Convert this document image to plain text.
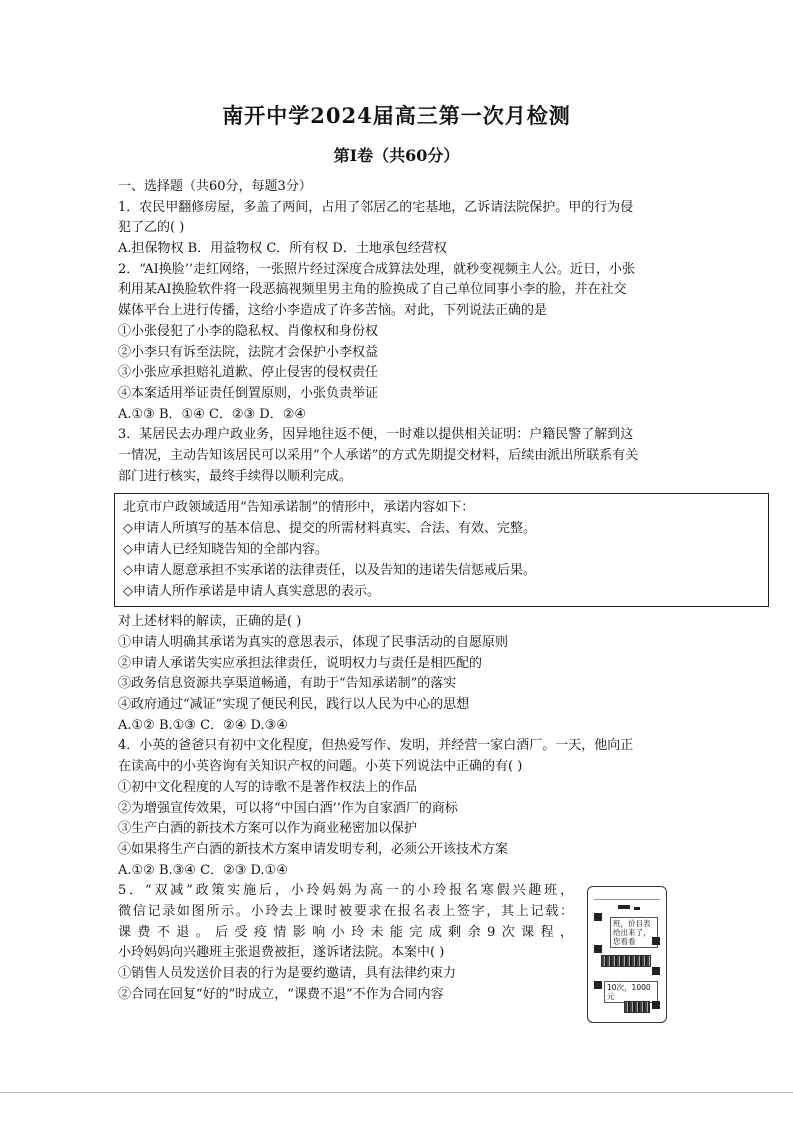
南开中学2024届高三第一次月检测
第I卷（共60分）
一、选择题（共60分，每题3分）
1．农民甲翻修房屋，多盖了两间，占用了邻居乙的宅基地，乙诉请法院保护。甲的行为侵
犯了乙的( )
A.担保物权 B．用益物权 C．所有权 D．土地承包经营权
2．“AI换脸’’走红网络，一张照片经过深度合成算法处理，就秒变视频主人公。近日，小张
利用某AI换脸软件将一段恶搞视频里男主角的脸换成了自己单位同事小李的脸，并在社交
媒体平台上进行传播，这给小李造成了许多苦恼。对此，下列说法正确的是
①小张侵犯了小李的隐私权、肖像权和身份权
②小李只有诉至法院，法院才会保护小李权益
③小张应承担赔礼道歉、停止侵害的侵权责任
④本案适用举证责任倒置原则，小张负责举证
A.①③ B．①④ C．②③ D．②④
3．某居民去办理户政业务，因异地往返不便，一时难以提供相关证明：户籍民警了解到这
一情况，主动告知该居民可以采用“个人承诺”的方式先期提交材料，后续由派出所联系有关
部门进行核实，最终手续得以顺利完成。
北京市户政领域适用“告知承诺制”的情形中，承诺内容如下：
◇申请人所填写的基本信息、提交的所需材料真实、合法、有效、完整。
◇申请人已经知晓告知的全部内容。
◇申请人愿意承担不实承诺的法律责任，以及告知的违诺失信惩戒后果。
◇申请人所作承诺是申请人真实意思的表示。
对上述材料的解读，正确的是( )
①申请人明确其承诺为真实的意思表示，体现了民事活动的自愿原则
②申请人承诺失实应承担法律责任，说明权力与责任是相匹配的
③政务信息资源共享渠道畅通，有助于“告知承诺制”的落实
④政府通过“减证”实现了便民利民，践行以人民为中心的思想
A.①② B.①③ C．②④ D.③④
4．小英的爸爸只有初中文化程度，但热爱写作、发明，并经营一家白酒厂。一天，他向正
在读高中的小英咨询有关知识产权的问题。小英下列说法中正确的有( )
①初中文化程度的人写的诗歌不是著作权法上的作品
②为增强宣传效果，可以将“中国白酒’’作为自家酒厂的商标
③生产白酒的新技术方案可以作为商业秘密加以保护
④如果将生产白酒的新技术方案申请发明专利，必须公开该技术方案
A.①② B.③④ C．②③ D.①④
5．“双减”政策实施后，小玲妈妈为高一的小玲报名寒假兴趣班，
微信记录如图所示。小玲去上课时被要求在报名表上签字，其上记载：
课费不退。后受疫情影响小玲未能完成剩余9次课程，
小玲妈妈向兴趣班主张退费被拒，遂诉诸法院。本案中( )
①销售人员发送价目表的行为是要约邀请，具有法律约束力
②合同在回复“好的”时成立，“课费不退”不作为合同内容
班，价目表给出来了，您看看
10次，1000元
